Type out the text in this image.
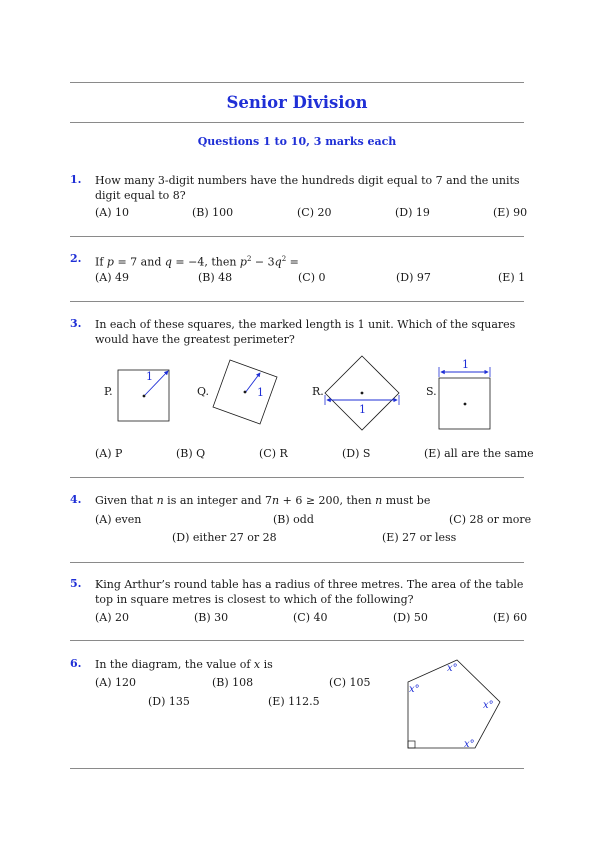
Senior Division
Questions 1 to 10, 3 marks each
1. How many 3-digit numbers have the hundreds digit equal to 7 and the units digit equal to 8?
(A) 10	(B) 100	(C) 20	(D) 19	(E) 90
2. If p = 7 and q = −4, then $p^2 - 3q^2$ =
(A) 49	(B) 48	(C) 0	(D) 97	(E) 1
3. In each of these squares, the marked length is 1 unit. Which of the squares would have the greatest perimeter?
P.
1
Q.	1	R.
1
S.
1
x°
x°
x°
x°
(A) P	(B) Q	(C) R	(D) S	(E) all are the same
4. Given that n is an integer and 7n + 6 ≥ 200, then n must be
(A) even	(B) odd	(C) 28 or more
(D) either 27 or 28	(E) 27 or less
5. King Arthur’s round table has a radius of three metres. The area of the table top in square metres is closest to which of the following?
(A) 20	(B) 30	(C) 40	(D) 50	(E) 60
6. In the diagram, the value of x is
(A) 120	(B) 108	(C) 105
(D) 135	(E) 112.5
